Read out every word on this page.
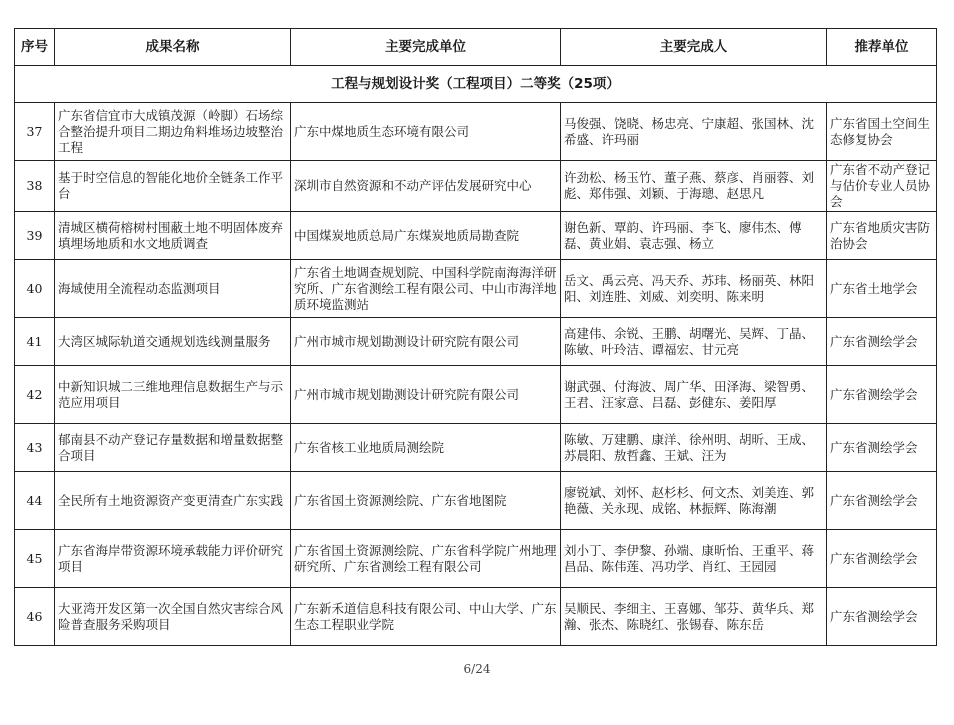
序号	成果名称	主要完成单位	主要完成人	推荐单位
工程与规划设计奖（工程项目）二等奖（25项）				
37	广东省信宜市大成镇茂源（岭脚）石场综合整治提升项目二期边角料堆场边坡整治工程	广东中煤地质生态环境有限公司	马俊强、饶晓、杨忠亮、宁康超、张国林、沈希盛、许玛丽	广东省国土空间生态修复协会
38	基于时空信息的智能化地价全链条工作平台	深圳市自然资源和不动产评估发展研究中心	许劲松、杨玉竹、董子燕、蔡彦、肖丽蓉、刘彪、郑伟强、刘颖、于海璁、赵思凡	广东省不动产登记与估价专业人员协会
39	清城区横荷榕树村围蔽土地不明固体废弃填埋场地质和水文地质调查	中国煤炭地质总局广东煤炭地质局勘查院	谢色新、覃韵、许玛丽、李飞、廖伟杰、傅磊、黄业娟、袁志强、杨立	广东省地质灾害防治协会
40	海域使用全流程动态监测项目	广东省土地调查规划院、中国科学院南海海洋研究所、广东省测绘工程有限公司、中山市海洋地质环境监测站	岳文、禹云亮、冯天乔、苏玮、杨丽英、林阳阳、刘连胜、刘威、刘奕明、陈来明	广东省土地学会
41	大湾区城际轨道交通规划选线测量服务	广州市城市规划勘测设计研究院有限公司	高建伟、余锐、王鹏、胡曙光、吴辉、丁晶、陈敏、叶玲洁、谭福宏、甘元亮	广东省测绘学会
42	中新知识城二三维地理信息数据生产与示范应用项目	广州市城市规划勘测设计研究院有限公司	谢武强、付海波、周广华、田泽海、梁智勇、王君、汪家意、吕磊、彭健东、姜阳厚	广东省测绘学会
43	郁南县不动产登记存量数据和增量数据整合项目	广东省核工业地质局测绘院	陈敏、万建鹏、康洋、徐州明、胡昕、王成、苏晨阳、敖哲鑫、王斌、汪为	广东省测绘学会
44	全民所有土地资源资产变更清查广东实践	广东省国土资源测绘院、广东省地图院	廖锐斌、刘怀、赵杉杉、何文杰、刘美连、郭艳薇、关永现、成铭、林振辉、陈海潮	广东省测绘学会
45	广东省海岸带资源环境承载能力评价研究项目	广东省国土资源测绘院、广东省科学院广州地理研究所、广东省测绘工程有限公司	刘小丁、李伊黎、孙端、康昕怡、王重平、蒋昌品、陈伟莲、冯功学、肖红、王园园	广东省测绘学会
46	大亚湾开发区第一次全国自然灾害综合风险普查服务采购项目	广东新禾道信息科技有限公司、中山大学、广东生态工程职业学院	吴顺民、李细主、王喜娜、邹芬、黄华兵、郑瀚、张杰、陈晓红、张锡春、陈东岳	广东省测绘学会
6/24
